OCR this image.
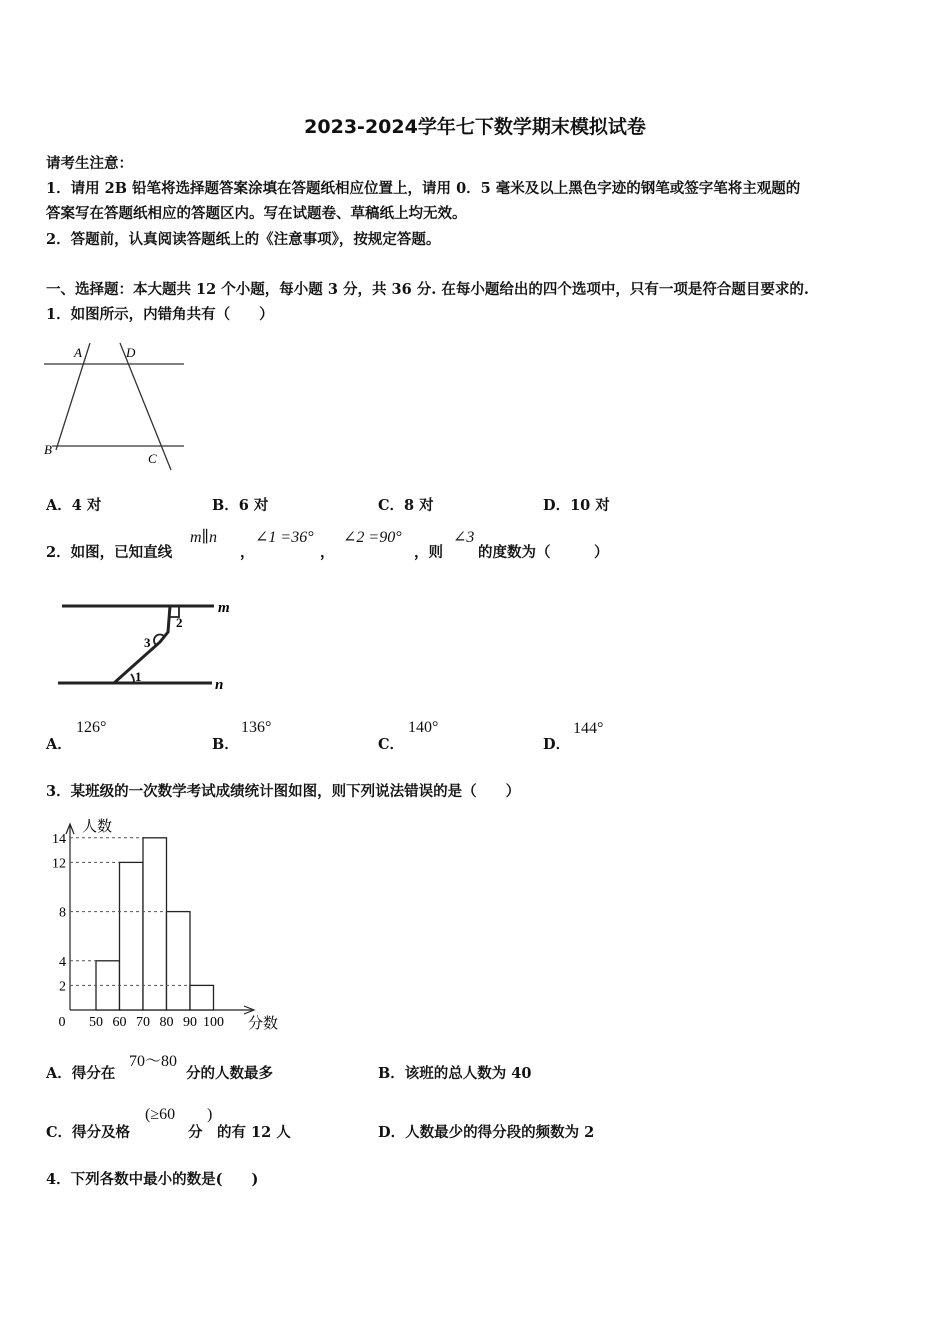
2023-2024学年七下数学期末模拟试卷
请考生注意：
1．请用 2B 铅笔将选择题答案涂填在答题纸相应位置上，请用 0．5 毫米及以上黑色字迹的钢笔或签字笔将主观题的
答案写在答题纸相应的答题区内。写在试题卷、草稿纸上均无效。
2．答题前，认真阅读答题纸上的《注意事项》，按规定答题。
一、选择题：本大题共 12 个小题，每小题 3 分，共 36 分. 在每小题给出的四个选项中，只有一项是符合题目要求的.
1．如图所示，内错角共有（　　）
A	D
B
C
A．4 对	B．6 对	C．8 对	D．10 对
2．如图，已知直线
m∥n
，
∠1 =36°
，
∠2 =90°
，则
∠3
的度数为（　　　）
m
n
1
2
3
A．
126°
B．
136°
C．
140°
D．
144°
3．某班级的一次数学考试成绩统计图如图，则下列说法错误的是（　　）
2
4
8
12
14
0 50 60 70 80 90 100
人数
分数
A．得分在
70～80
分的人数最多	B．该班的总人数为 40
C．得分及格
(≥60
分
)
的有 12 人	D．人数最少的得分段的频数为 2
4．下列各数中最小的数是(　　)
